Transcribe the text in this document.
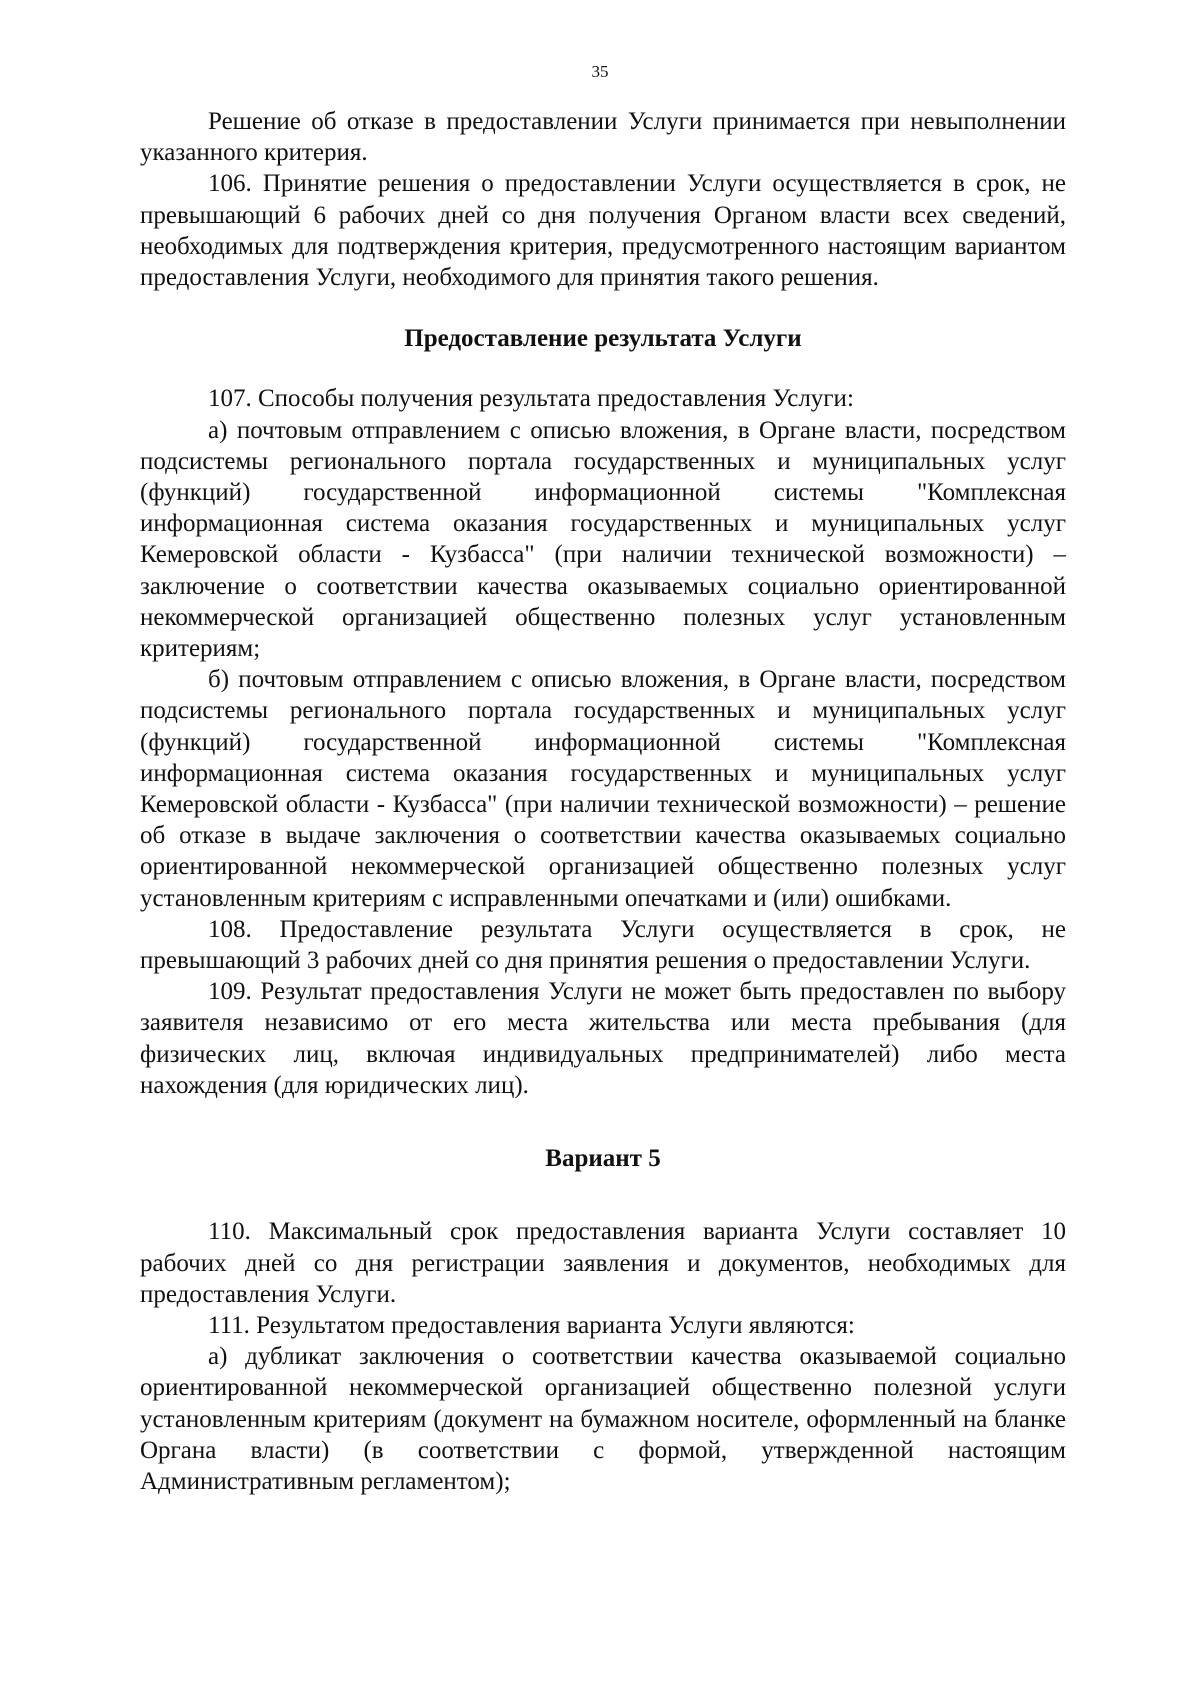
35

Решение об отказе в предоставлении Услуги принимается при невыполнении указанного критерия.

106. Принятие решения о предоставлении Услуги осуществляется в срок, не превышающий 6 рабочих дней со дня получения Органом власти всех сведений, необходимых для подтверждения критерия, предусмотренного настоящим вариантом предоставления Услуги, необходимого для принятия такого решения.

Предоставление результата Услуги

107. Способы получения результата предоставления Услуги:

а) почтовым отправлением с описью вложения, в Органе власти, посредством подсистемы регионального портала государственных и муниципальных услуг (функций) государственной информационной системы "Комплексная информационная система оказания государственных и муниципальных услуг Кемеровской области - Кузбасса" (при наличии технической возможности) – заключение о соответствии качества оказываемых социально ориентированной некоммерческой организацией общественно полезных услуг установленным критериям;

б) почтовым отправлением с описью вложения, в Органе власти, посредством подсистемы регионального портала государственных и муниципальных услуг (функций) государственной информационной системы "Комплексная информационная система оказания государственных и муниципальных услуг Кемеровской области - Кузбасса" (при наличии технической возможности) – решение об отказе в выдаче заключения о соответствии качества оказываемых социально ориентированной некоммерческой организацией общественно полезных услуг установленным критериям с исправленными опечатками и (или) ошибками.

108. Предоставление результата Услуги осуществляется в срок, не превышающий 3 рабочих дней со дня принятия решения о предоставлении Услуги.

109. Результат предоставления Услуги не может быть предоставлен по выбору заявителя независимо от его места жительства или места пребывания (для физических лиц, включая индивидуальных предпринимателей) либо места нахождения (для юридических лиц).

Вариант 5

110. Максимальный срок предоставления варианта Услуги составляет 10 рабочих дней со дня регистрации заявления и документов, необходимых для предоставления Услуги.

111. Результатом предоставления варианта Услуги являются:

а) дубликат заключения о соответствии качества оказываемой социально ориентированной некоммерческой организацией общественно полезной услуги установленным критериям (документ на бумажном носителе, оформленный на бланке Органа власти) (в соответствии с формой, утвержденной настоящим Административным регламентом);
